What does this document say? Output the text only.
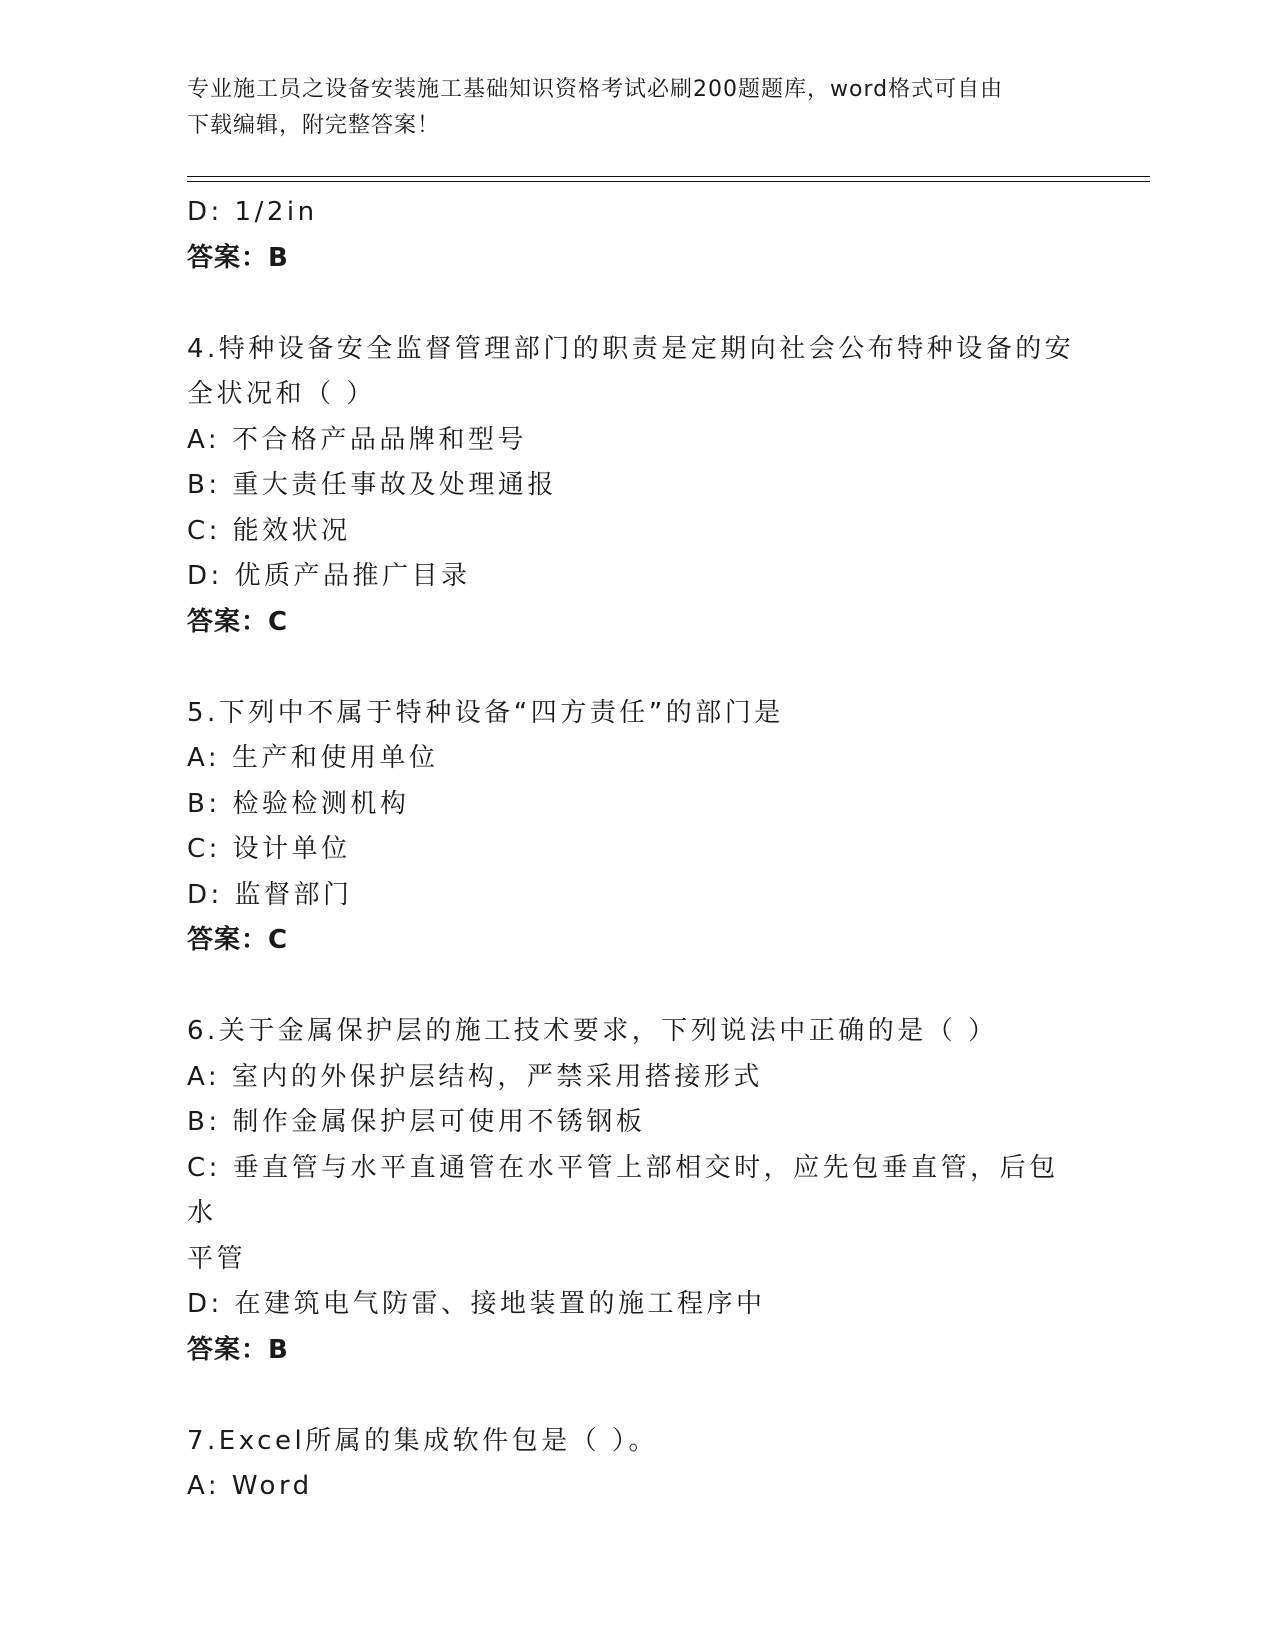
专业施工员之设备安装施工基础知识资格考试必刷200题题库，word格式可自由
下载编辑，附完整答案！
D: 1/2in
答案：B
4.特种设备安全监督管理部门的职责是定期向社会公布特种设备的安
全状况和（ ）
A: 不合格产品品牌和型号
B: 重大责任事故及处理通报
C: 能效状况
D: 优质产品推广目录
答案：C
5.下列中不属于特种设备“四方责任”的部门是
A: 生产和使用单位
B: 检验检测机构
C: 设计单位
D: 监督部门
答案：C
6.关于金属保护层的施工技术要求，下列说法中正确的是（ ）
A: 室内的外保护层结构，严禁采用搭接形式
B: 制作金属保护层可使用不锈钢板
C: 垂直管与水平直通管在水平管上部相交时，应先包垂直管，后包水
平管
D: 在建筑电气防雷、接地装置的施工程序中
答案：B
7.Excel所属的集成软件包是（ ）。
A: Word
